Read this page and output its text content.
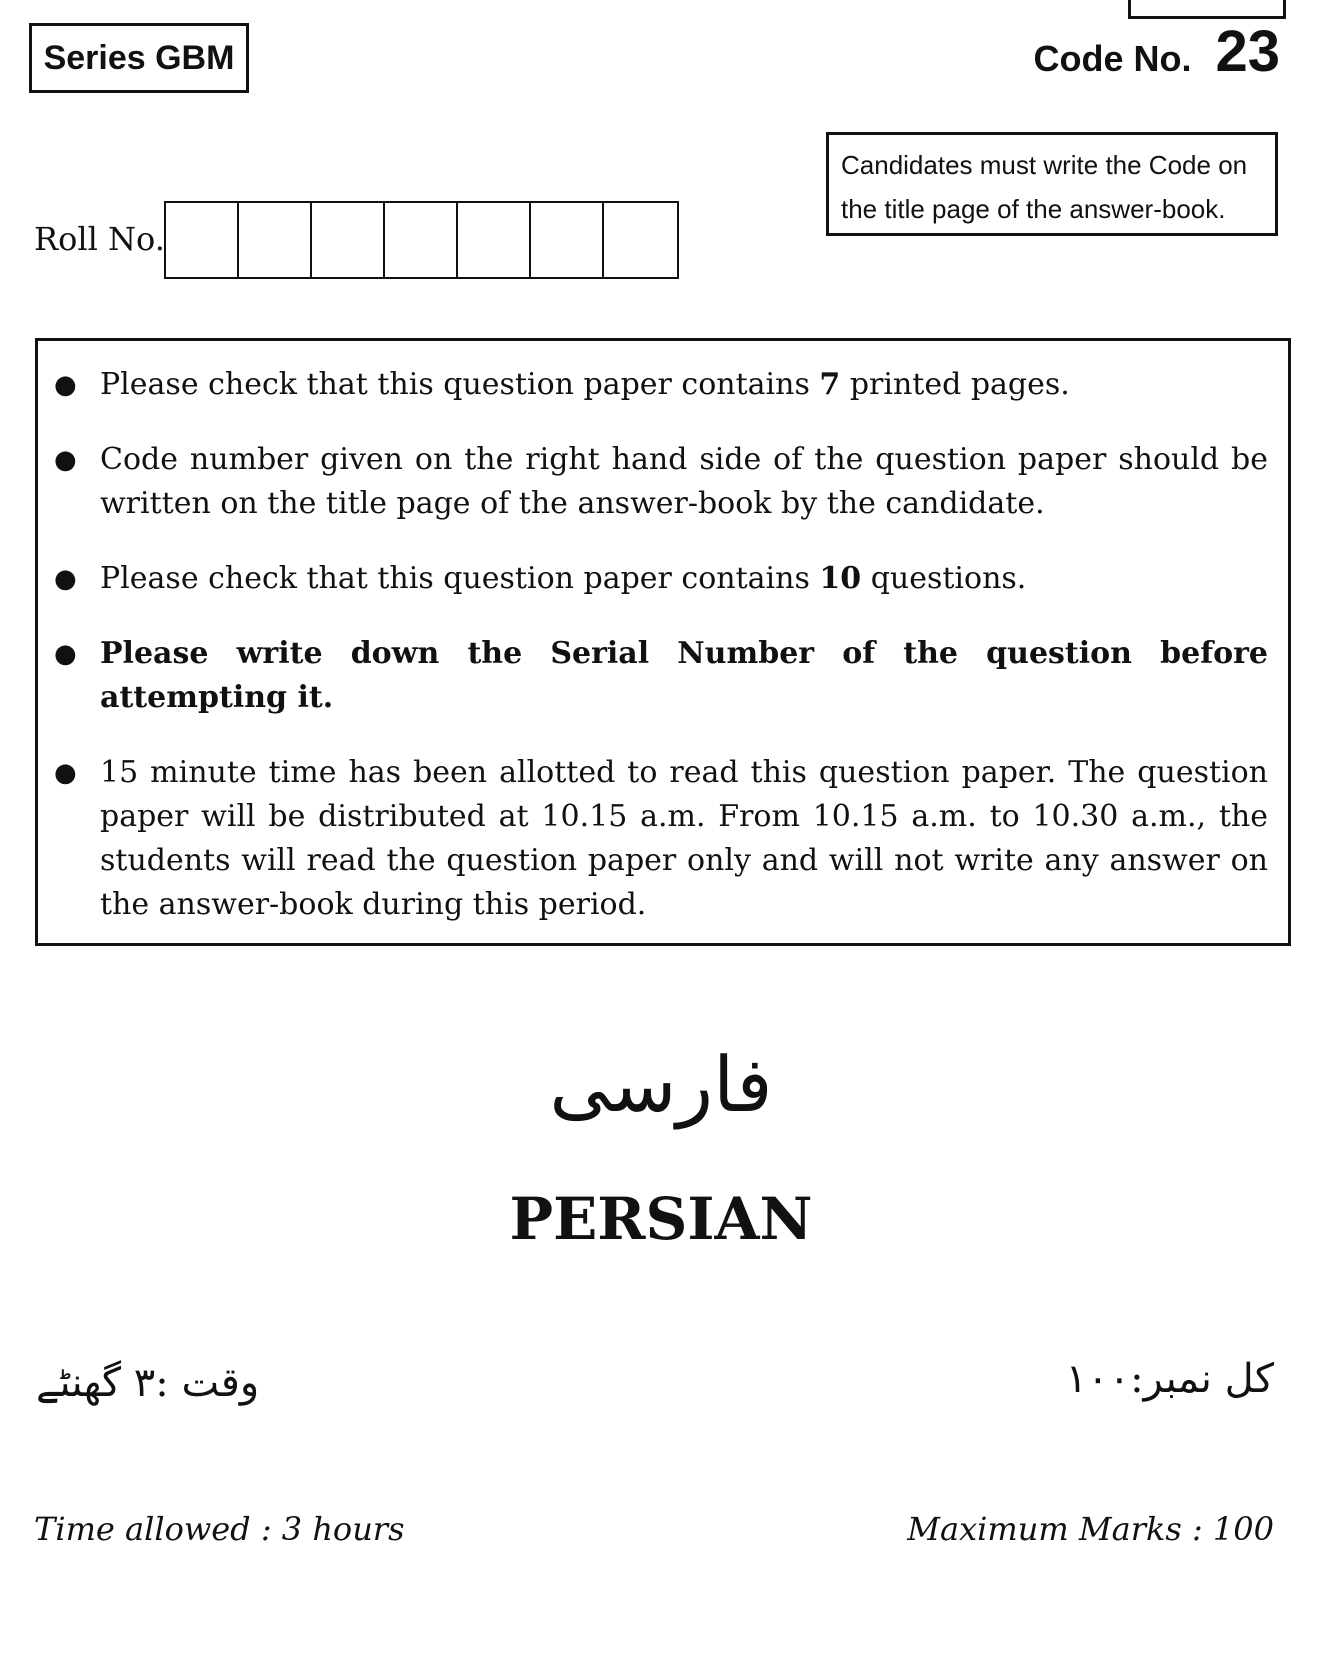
Series GBM	Code No. 23
Candidates must write the Code on
the title page of the answer-book.
Roll No.
● Please check that this question paper contains 7 printed pages.
● Code number given on the right hand side of the question paper should be written on the title page of the answer-book by the candidate.
● Please check that this question paper contains 10 questions.
● Please write down the Serial Number of the question before attempting it.
● 15 minute time has been allotted to read this question paper. The question paper will be distributed at 10.15 a.m. From 10.15 a.m. to 10.30 a.m., the students will read the question paper only and will not write any answer on the answer-book during this period.
فارسی
PERSIAN
وقت :۳ گھنٹے	کل نمبر:۱۰۰
Time allowed : 3 hours	Maximum Marks : 100
